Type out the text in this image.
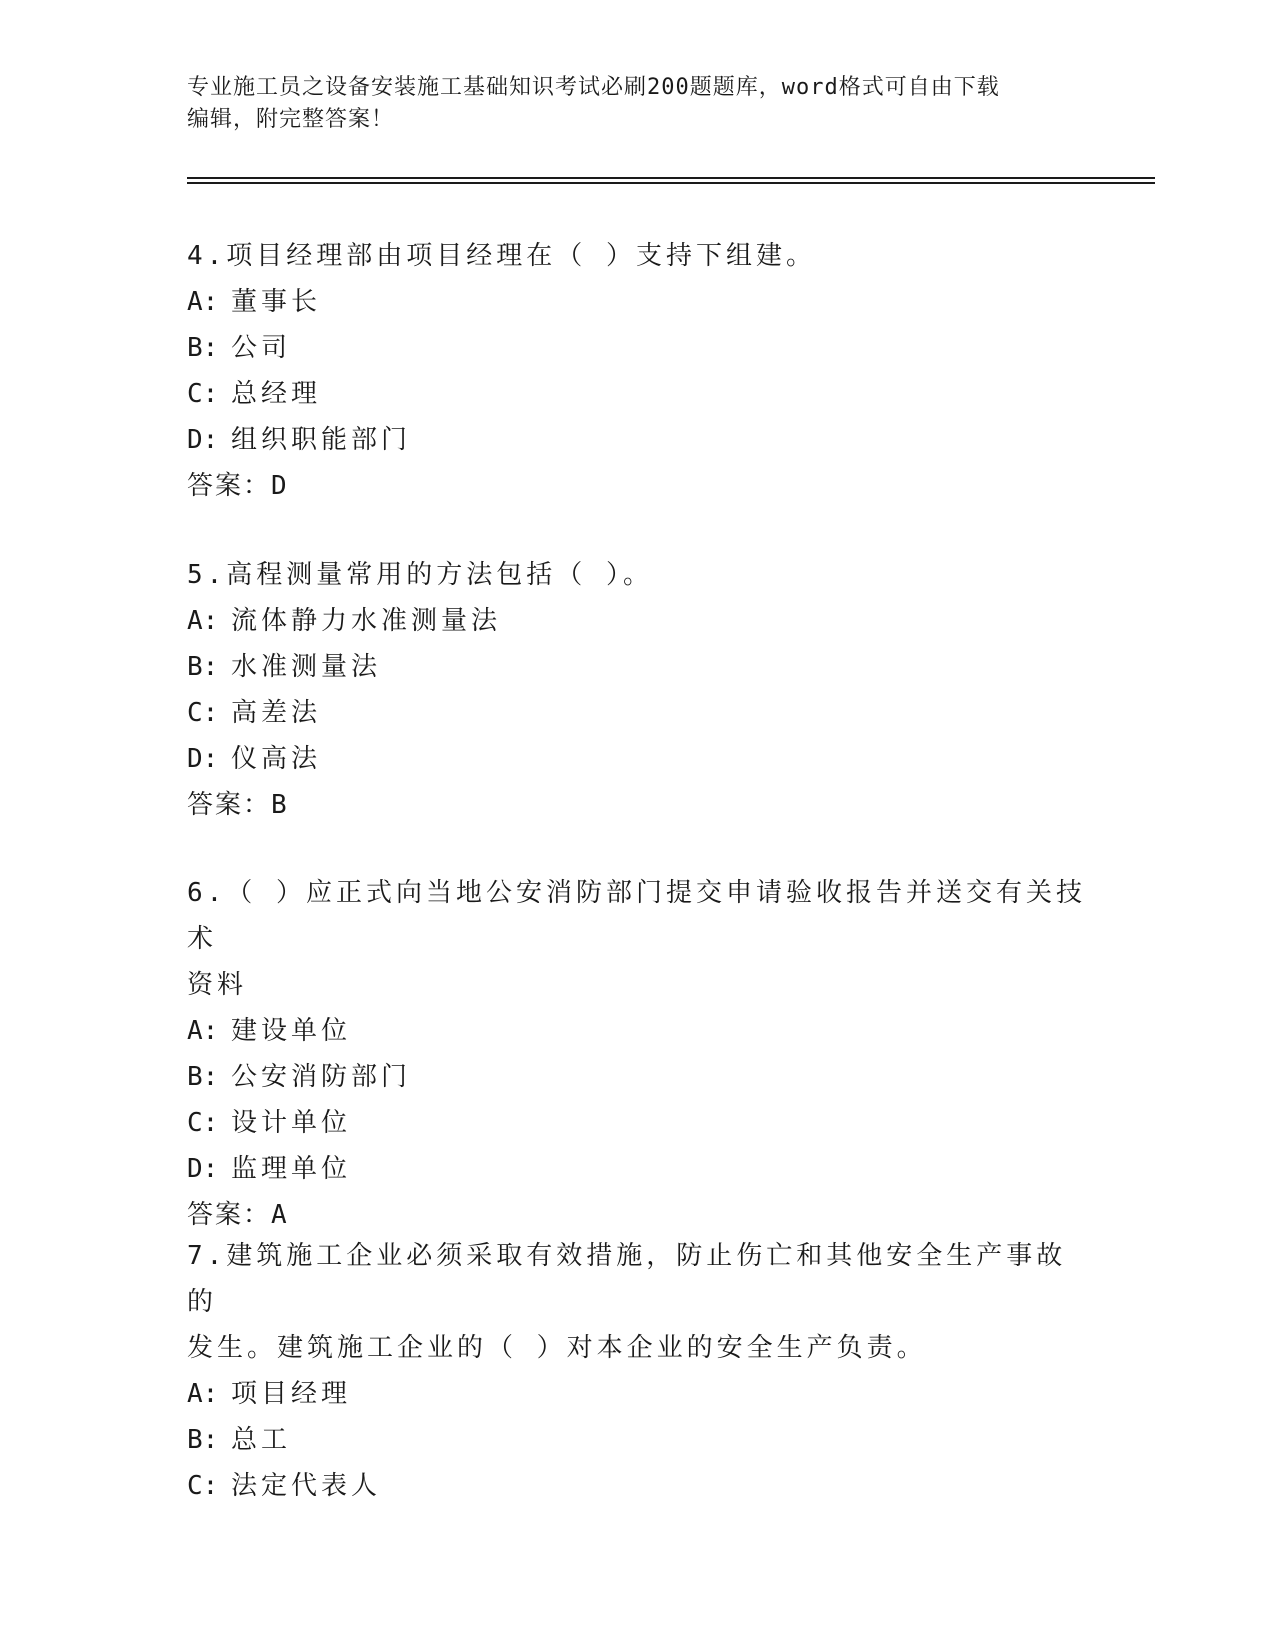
专业施工员之设备安装施工基础知识考试必刷200题题库，word格式可自由下载
编辑，附完整答案！
4.项目经理部由项目经理在（ ）支持下组建。
A: 董事长
B: 公司
C: 总经理
D: 组织职能部门
答案：D
5.高程测量常用的方法包括（ ）。
A: 流体静力水准测量法
B: 水准测量法
C: 高差法
D: 仪高法
答案：B
6.（ ）应正式向当地公安消防部门提交申请验收报告并送交有关技术
资料
A: 建设单位
B: 公安消防部门
C: 设计单位
D: 监理单位
答案：A
7.建筑施工企业必须采取有效措施，防止伤亡和其他安全生产事故的
发生。建筑施工企业的（ ）对本企业的安全生产负责。
A: 项目经理
B: 总工
C: 法定代表人
